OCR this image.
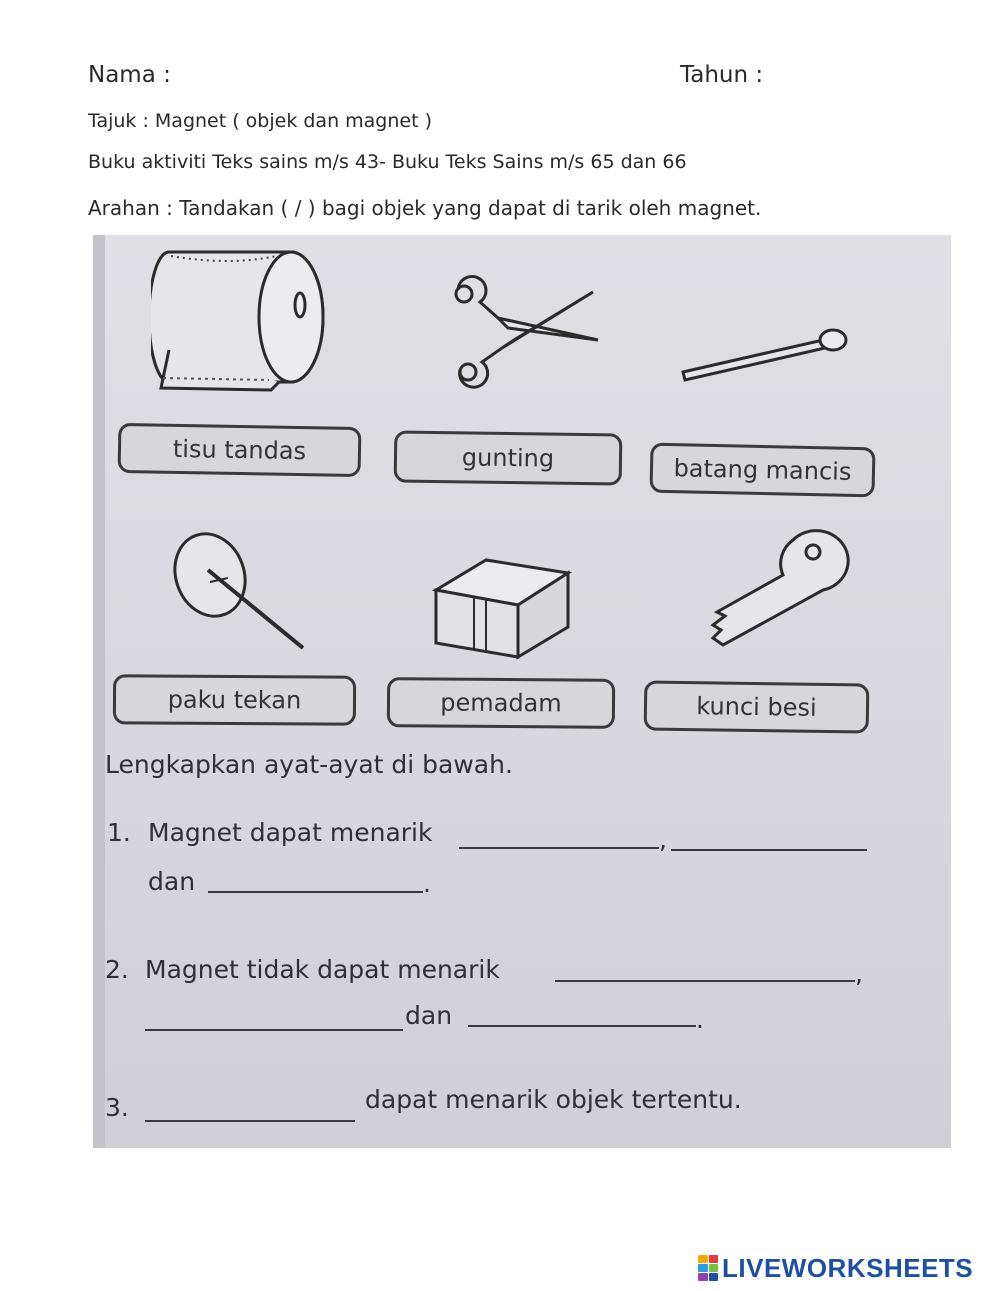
Nama :	Tahun :
Tajuk : Magnet ( objek dan magnet )
Buku aktiviti Teks sains m/s 43- Buku Teks Sains m/s 65 dan 66
Arahan : Tandakan ( / ) bagi objek yang dapat di tarik oleh magnet.
tisu tandas	gunting	batang mancis
paku tekan	pemadam	kunci besi
Lengkapkan ayat-ayat di bawah.
1. Magnet dapat menarik	,
dan	.
2. Magnet tidak dapat menarik	,
dan	.
3.	dapat menarik objek tertentu.
LIVEWORKSHEETS
